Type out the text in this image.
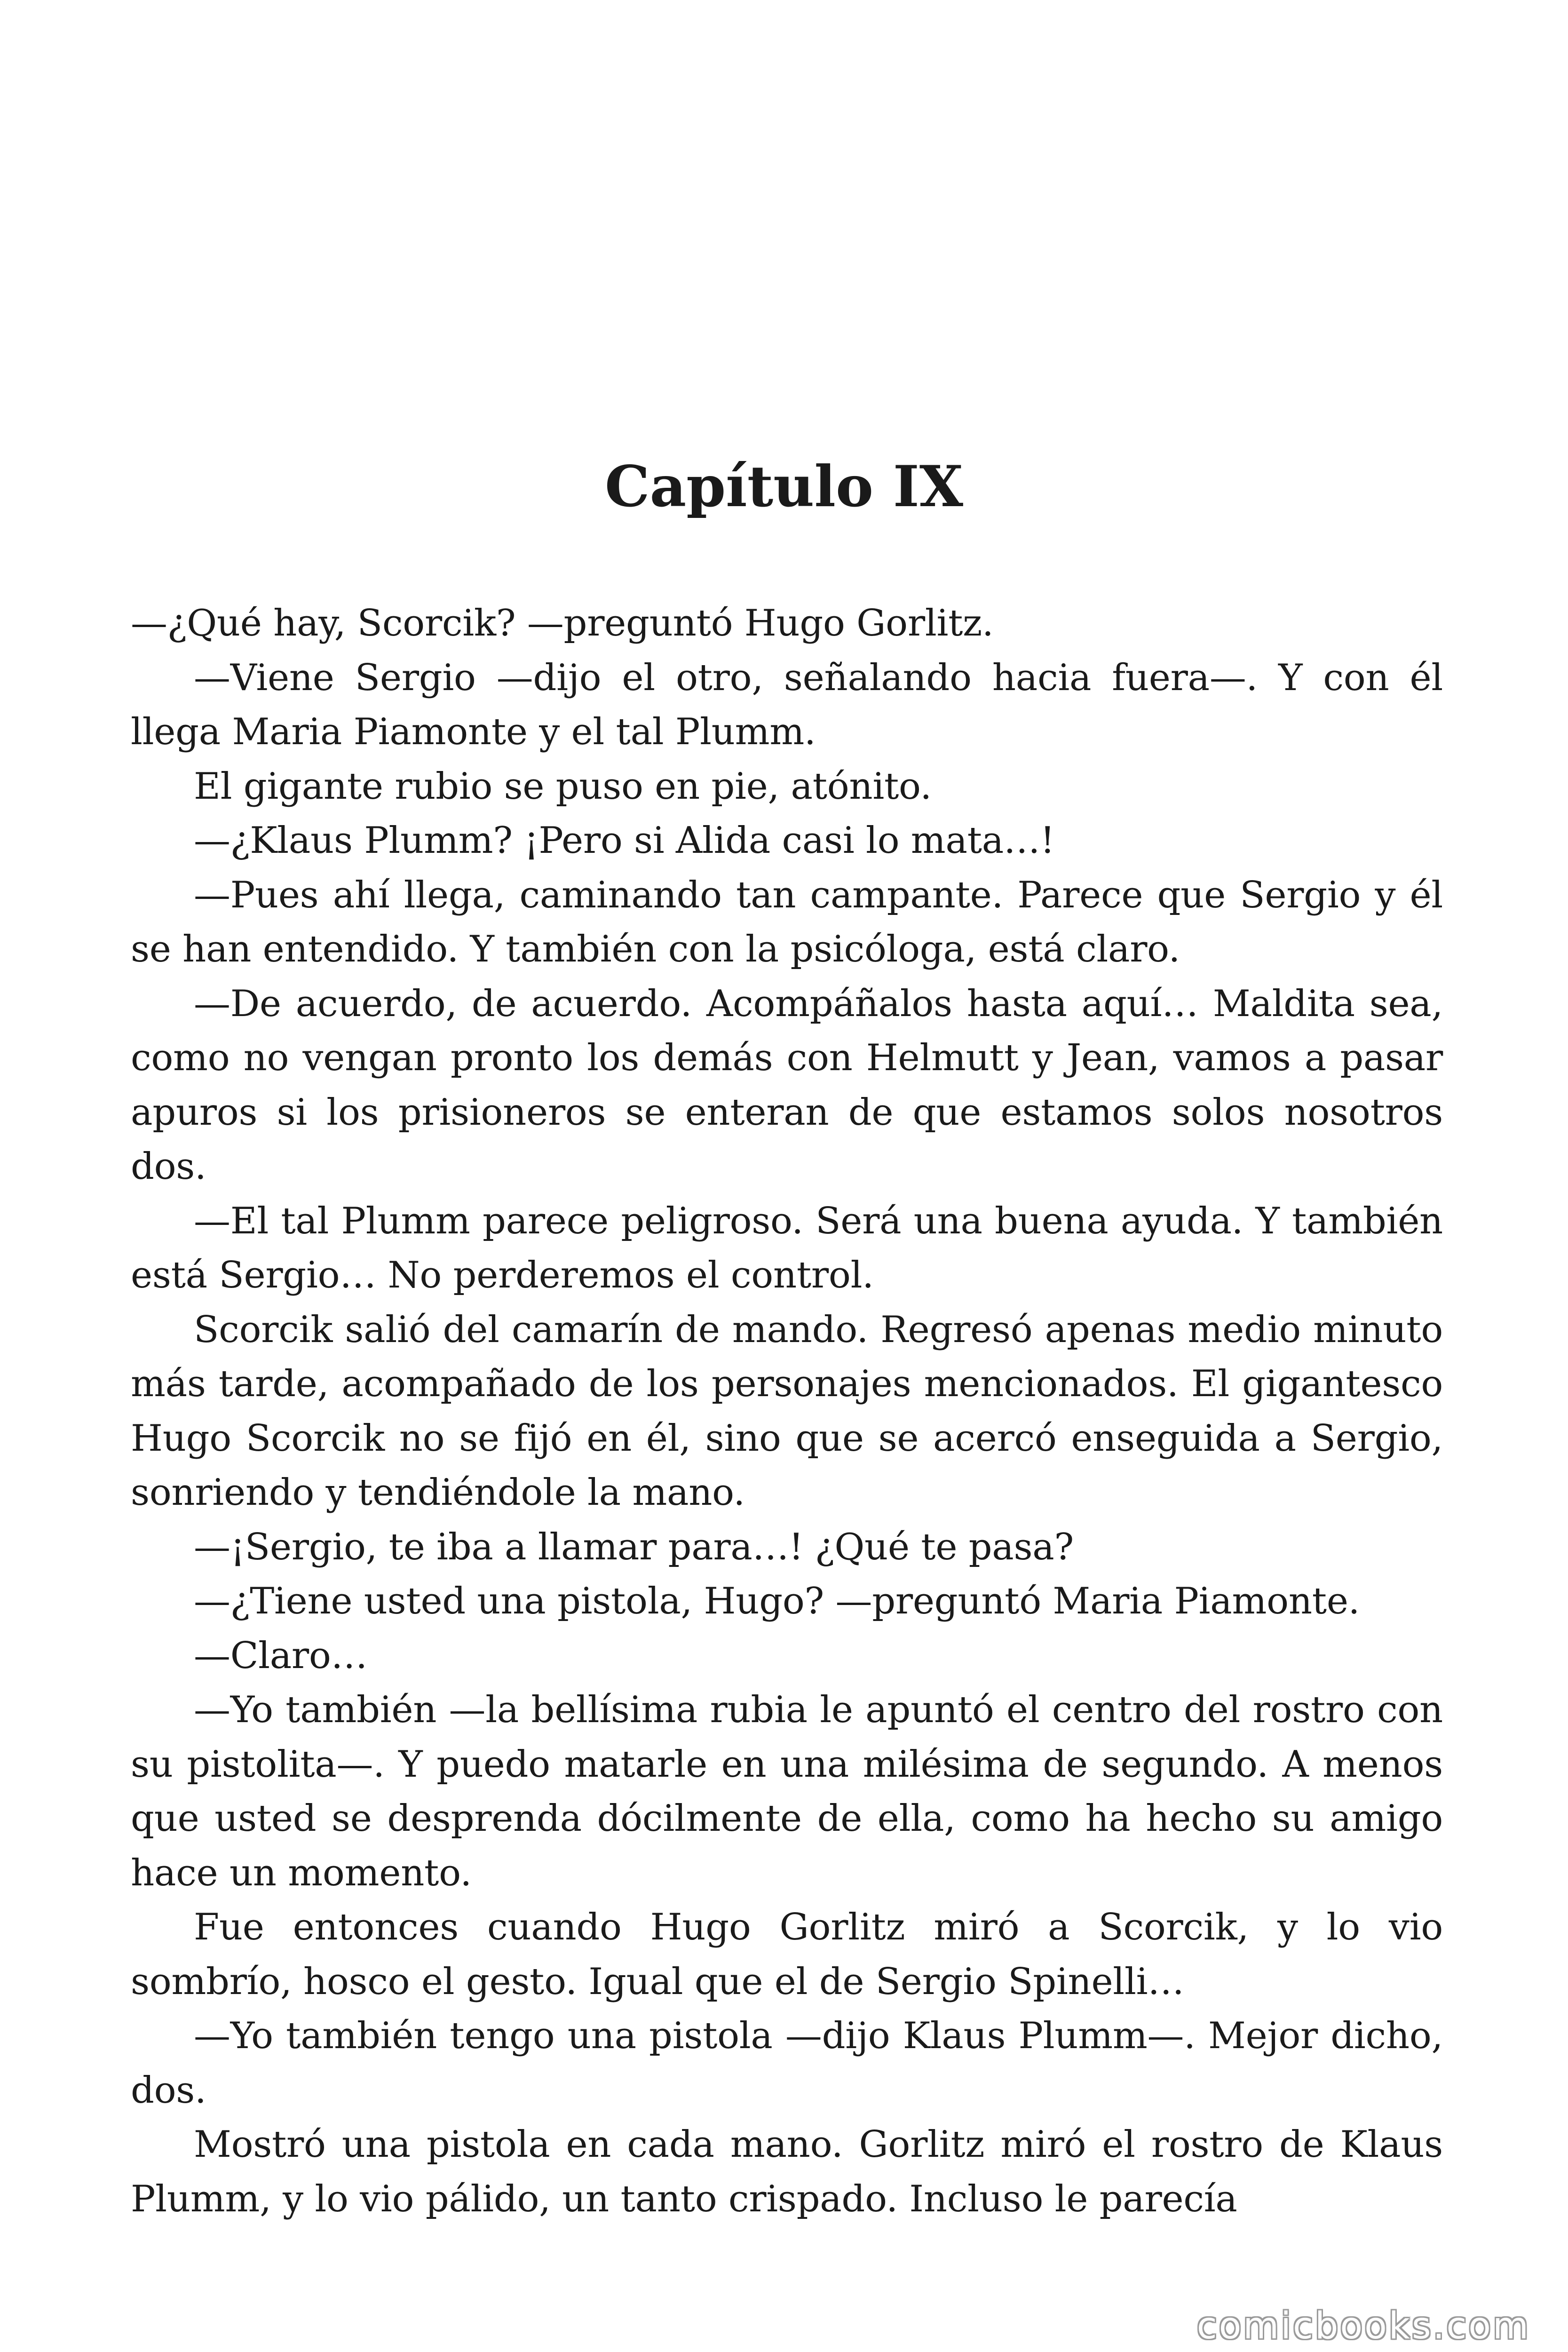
Capítulo IX

—¿Qué hay, Scorcik? —preguntó Hugo Gorlitz.

—Viene Sergio —dijo el otro, señalando hacia fuera—. Y con él llega Maria Piamonte y el tal Plumm.

El gigante rubio se puso en pie, atónito.

—¿Klaus Plumm? ¡Pero si Alida casi lo mata…!

—Pues ahí llega, caminando tan campante. Parece que Sergio y él se han entendido. Y también con la psicóloga, está claro.

—De acuerdo, de acuerdo. Acompáñalos hasta aquí… Maldita sea, como no vengan pronto los demás con Helmutt y Jean, vamos a pasar apuros si los prisioneros se enteran de que estamos solos nosotros dos.

—El tal Plumm parece peligroso. Será una buena ayuda. Y también está Sergio… No perderemos el control.

Scorcik salió del camarín de mando. Regresó apenas medio minuto más tarde, acompañado de los personajes mencionados. El gigantesco Hugo Scorcik no se fijó en él, sino que se acercó enseguida a Sergio, sonriendo y tendiéndole la mano.

—¡Sergio, te iba a llamar para…! ¿Qué te pasa?

—¿Tiene usted una pistola, Hugo? —preguntó Maria Piamonte.

—Claro…

—Yo también —la bellísima rubia le apuntó el centro del rostro con su pistolita—. Y puedo matarle en una milésima de segundo. A menos que usted se desprenda dócilmente de ella, como ha hecho su amigo hace un momento.

Fue entonces cuando Hugo Gorlitz miró a Scorcik, y lo vio sombrío, hosco el gesto. Igual que el de Sergio Spinelli…

—Yo también tengo una pistola —dijo Klaus Plumm—. Mejor dicho, dos.

Mostró una pistola en cada mano. Gorlitz miró el rostro de Klaus Plumm, y lo vio pálido, un tanto crispado. Incluso le parecía

comicbooks.com
